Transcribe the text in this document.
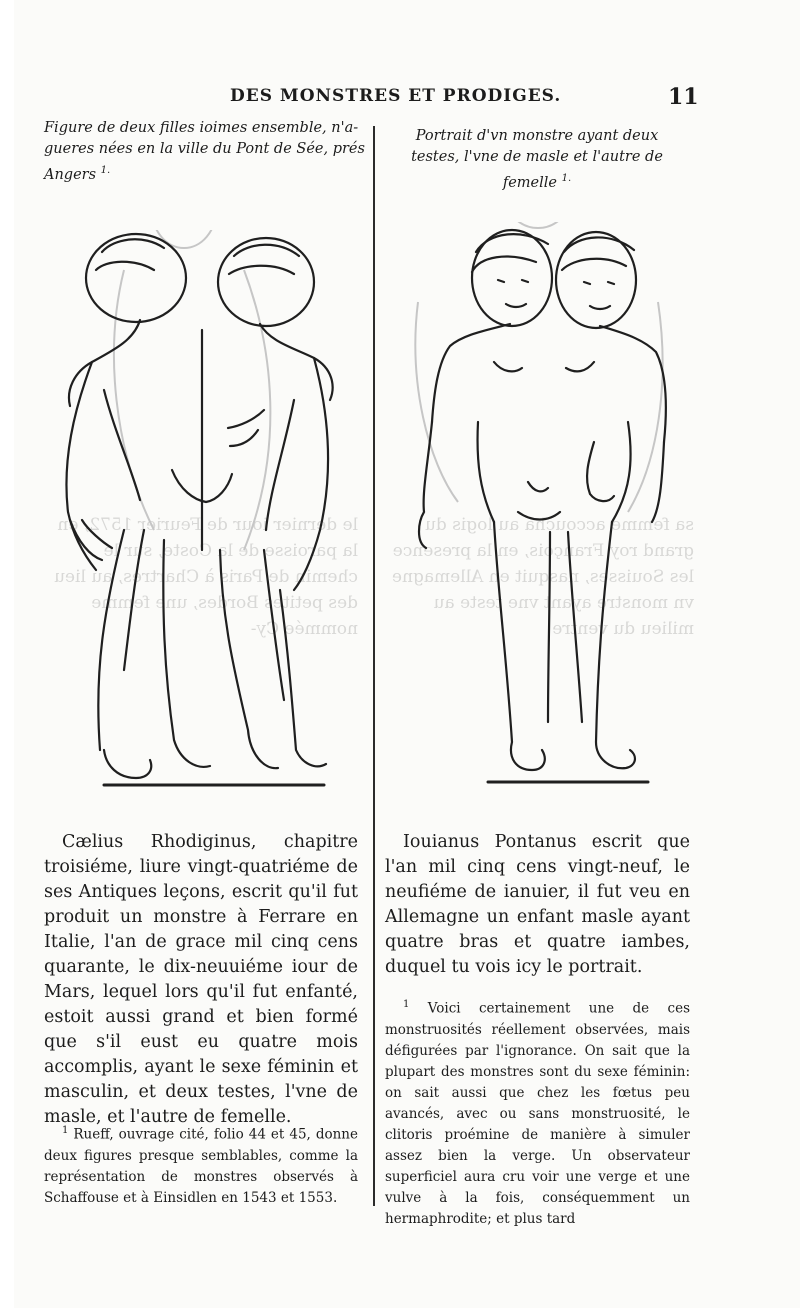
DES MONSTRES ET PRODIGES.	11
Figure de deux filles ioimes ensemble, n'a-gueres nées en la ville du Pont de Sée, prés Angers $^{1.}$
Portrait d'vn monstre ayant deux testes, l'vne de masle et l'autre de femelle $^{1.}$
le dernier iour de Feurier 1572, en la paroisse de la Coste, sur le chemin de Paris à Chartres, au lieu des petites Bordes, une femme nommée Cy-
sa femme accoucha au logis du grand roy François, en la presence les Souisses, nasquit en Allemagne vn monstre ayant vne teste au milieu du ventre
Cælius Rhodiginus, chapitre troisiéme, liure vingt-quatriéme de ses Antiques leçons, escrit qu'il fut produit un monstre à Ferrare en Italie, l'an de grace mil cinq cens quarante, le dix-neuuiéme iour de Mars, lequel lors qu'il fut enfanté, estoit aussi grand et bien formé que s'il eust eu quatre mois accomplis, ayant le sexe féminin et masculin, et deux testes, l'vne de masle, et l'autre de femelle.
Iouianus Pontanus escrit que l'an mil cinq cens vingt-neuf, le neufiéme de ianuier, il fut veu en Allemagne un enfant masle ayant quatre bras et quatre iambes, duquel tu vois icy le portrait.
$^1$ Rueff, ouvrage cité, folio 44 et 45, donne deux figures presque semblables, comme la représentation de monstres observés à Schaffouse et à Einsidlen en 1543 et 1553.
$^1$ Voici certainement une de ces monstruosités réellement observées, mais défigurées par l'ignorance. On sait que la plupart des monstres sont du sexe féminin: on sait aussi que chez les fœtus peu avancés, avec ou sans monstruosité, le clitoris proémine de manière à simuler assez bien la verge. Un observateur superficiel aura cru voir une verge et une vulve à la fois, conséquemment un hermaphrodite; et plus tard
